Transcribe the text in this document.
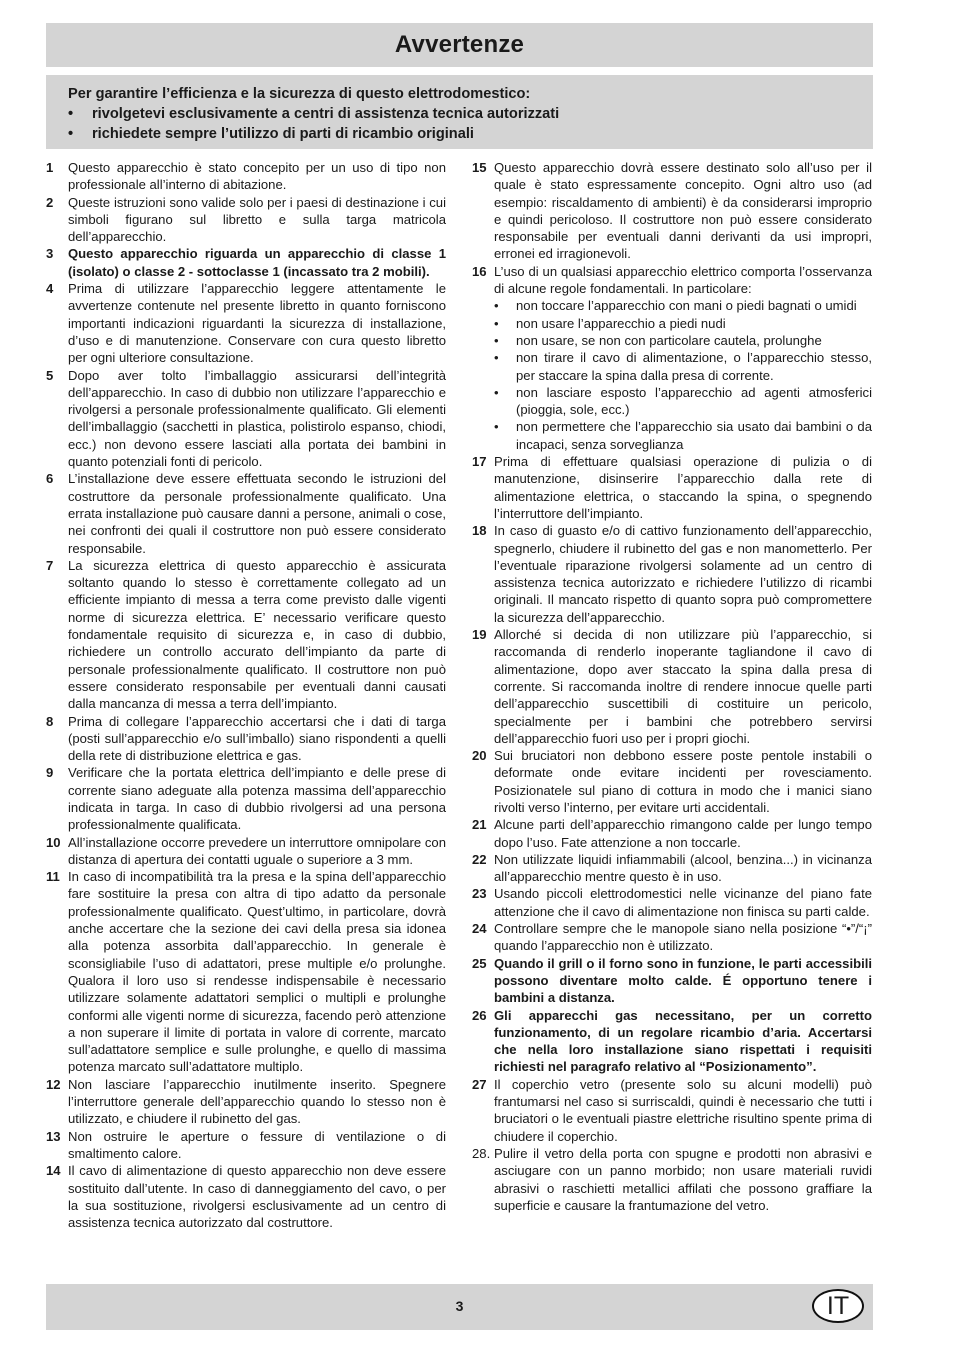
Avvertenze
Per garantire l’efficienza e la sicurezza di questo elettrodomestico:
•	rivolgetevi esclusivamente a centri di assistenza tecnica autorizzati
•	richiedete sempre l’utilizzo di parti di ricambio originali
1	Questo apparecchio è stato concepito per un uso di tipo non professionale all’interno di abitazione.
2	Queste istruzioni sono valide solo per i paesi di destinazione i cui simboli figurano sul libretto e sulla targa matricola dell’apparecchio.
3	Questo apparecchio riguarda un apparecchio di classe 1 (isolato) o classe 2 - sottoclasse 1 (incassato tra 2 mobili).
4	Prima di utilizzare l’apparecchio leggere attentamente le avvertenze contenute nel presente libretto in quanto forniscono importanti indicazioni riguardanti la sicurezza di installazione, d’uso e di manutenzione. Conservare con cura questo libretto per ogni ulteriore consultazione.
5	Dopo aver tolto l’imballaggio assicurarsi dell’integrità dell’apparecchio. In caso di dubbio non utilizzare l’apparecchio e rivolgersi a personale professionalmente qualificato. Gli elementi dell’imballaggio (sacchetti in plastica, polistirolo espanso, chiodi, ecc.) non devono essere lasciati alla portata dei bambini in quanto potenziali fonti di pericolo.
6	L’installazione deve essere effettuata secondo le istruzioni del costruttore da personale professionalmente qualificato. Una errata installazione può causare danni a persone, animali o cose, nei confronti dei quali il costruttore non può essere considerato responsabile.
7	La sicurezza elettrica di questo apparecchio è assicurata soltanto quando lo stesso è correttamente collegato ad un efficiente impianto di messa a terra come previsto dalle vigenti norme di sicurezza elettrica. E’ necessario verificare questo fondamentale requisito di sicurezza e, in caso di dubbio, richiedere un controllo accurato dell’impianto da parte di personale professionalmente qualificato. Il costruttore non può essere considerato responsabile per eventuali danni causati dalla mancanza di messa a terra dell’impianto.
8	Prima di collegare l’apparecchio accertarsi che i dati di targa (posti sull’apparecchio e/o sull’imballo) siano rispondenti a quelli della rete di distribuzione elettrica e gas.
9	Verificare che la portata elettrica dell’impianto e delle prese di corrente siano adeguate alla potenza massima dell’apparecchio indicata in targa. In caso di dubbio rivolgersi ad una persona professionalmente qualificata.
10 All’installazione occorre prevedere un interruttore omnipolare con distanza di apertura dei contatti uguale o superiore a 3 mm.
11 In caso di incompatibilità tra la presa e la spina dell’apparecchio fare sostituire la presa con altra di tipo adatto da personale professionalmente qualificato. Quest’ultimo, in particolare, dovrà anche accertare che la sezione dei cavi della presa sia idonea alla potenza assorbita dall’apparecchio. In generale è sconsigliabile l’uso di adattatori, prese multiple e/o prolunghe. Qualora il loro uso si rendesse indispensabile è necessario utilizzare solamente adattatori semplici o multipli e prolunghe conformi alle vigenti norme di sicurezza, facendo però attenzione a non superare il limite di portata in valore di corrente, marcato sull’adattatore semplice e sulle prolunghe, e quello di massima potenza marcato sull’adattatore multiplo.
12 Non lasciare l’apparecchio inutilmente inserito. Spegnere l’interruttore generale dell’apparecchio quando lo stesso non è utilizzato, e chiudere il rubinetto del gas.
13 Non ostruire le aperture o fessure di ventilazione o di smaltimento calore.
14 Il cavo di alimentazione di questo apparecchio non deve essere sostituito dall’utente. In caso di danneggiamento del cavo, o per la sua sostituzione, rivolgersi esclusivamente ad un centro di assistenza tecnica autorizzato dal costruttore.
15 Questo apparecchio dovrà essere destinato solo all’uso per il quale è stato espressamente concepito. Ogni altro uso (ad esempio: riscaldamento di ambienti) è da considerarsi improprio e quindi pericoloso. Il costruttore non può essere considerato responsabile per eventuali danni derivanti da usi impropri, erronei ed irragionevoli.
16 L’uso di un qualsiasi apparecchio elettrico comporta l’osservanza di alcune regole fondamentali. In particolare:
•	non toccare l’apparecchio con mani o piedi bagnati o umidi
•	non usare l’apparecchio a piedi nudi
•	non usare, se non con particolare cautela, prolunghe
•	non tirare il cavo di alimentazione, o l’apparecchio stesso, per staccare la spina dalla presa di corrente.
•	non lasciare esposto l’apparecchio ad agenti atmosferici (pioggia, sole, ecc.)
•	non permettere che l’apparecchio sia usato dai bambini o da incapaci, senza sorveglianza
17 Prima di effettuare qualsiasi operazione di pulizia o di manutenzione, disinserire l’apparecchio dalla rete di alimentazione elettrica, o staccando la spina, o spegnendo l’interruttore dell’impianto.
18 In caso di guasto e/o di cattivo funzionamento dell’apparecchio, spegnerlo, chiudere il rubinetto del gas e non manometterlo. Per l’eventuale riparazione rivolgersi solamente ad un centro di assistenza tecnica autorizzato e richiedere l’utilizzo di ricambi originali. Il mancato rispetto di quanto sopra può compromettere la sicurezza dell’apparecchio.
19 Allorché si decida di non utilizzare più l’apparecchio, si raccomanda di renderlo inoperante tagliandone il cavo di alimentazione, dopo aver staccato la spina dalla presa di corrente. Si raccomanda inoltre di rendere innocue quelle parti dell’apparecchio suscettibili di costituire un pericolo, specialmente per i bambini che potrebbero servirsi dell’apparecchio fuori uso per i propri giochi.
20 Sui bruciatori non debbono essere poste pentole instabili o deformate onde evitare incidenti per rovesciamento. Posizionatele sul piano di cottura in modo che i manici siano rivolti verso l’interno, per evitare urti accidentali.
21 Alcune parti dell’apparecchio rimangono calde per lungo tempo dopo l’uso. Fate attenzione a non toccarle.
22 Non utilizzate liquidi infiammabili (alcool, benzina...) in vicinanza all’apparecchio mentre questo è in uso.
23 Usando piccoli elettrodomestici nelle vicinanze del piano fate attenzione che il cavo di alimentazione non finisca su parti calde.
24 Controllare sempre che le manopole siano nella posizione “•”/“¡” quando l’apparecchio non è utilizzato.
25 Quando il grill o il forno sono in funzione, le parti accessibili possono diventare molto calde. É opportuno tenere i bambini a distanza.
26 Gli apparecchi gas necessitano, per un corretto funzionamento, di un regolare ricambio d’aria. Accertarsi che nella loro installazione siano rispettati i requisiti richiesti nel paragrafo relativo al “Posizionamento”.
27 Il coperchio vetro (presente solo su alcuni modelli) può frantumarsi nel caso si surriscaldi, quindi è necessario che tutti i bruciatori o le eventuali piastre elettriche risultino spente prima di chiudere il coperchio.
28. Pulire il vetro della porta con spugne e prodotti non abrasivi e asciugare con un panno morbido; non usare materiali ruvidi abrasivi o raschietti metallici affilati che possono graffiare la superficie e causare la frantumazione del vetro.
3	IT
